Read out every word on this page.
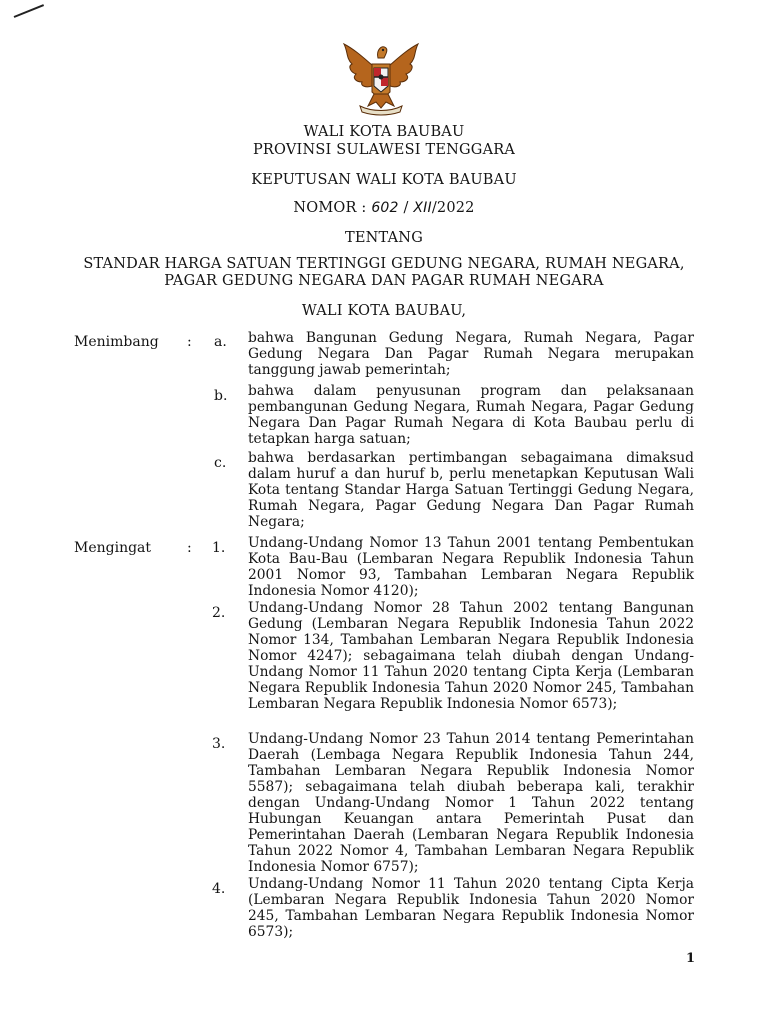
WALI KOTA BAUBAU
PROVINSI SULAWESI TENGGARA
KEPUTUSAN WALI KOTA BAUBAU
NOMOR : 602 / XII/2022
TENTANG
STANDAR HARGA SATUAN TERTINGGI GEDUNG NEGARA, RUMAH NEGARA,
PAGAR GEDUNG NEGARA DAN PAGAR RUMAH NEGARA
WALI KOTA BAUBAU,
Menimbang : a. bahwa Bangunan Gedung Negara, Rumah Negara, Pagar Gedung Negara Dan Pagar Rumah Negara merupakan tanggung jawab pemerintah;
b. bahwa dalam penyusunan program dan pelaksanaan pembangunan Gedung Negara, Rumah Negara, Pagar Gedung Negara Dan Pagar Rumah Negara di Kota Baubau perlu di tetapkan harga satuan;
c. bahwa berdasarkan pertimbangan sebagaimana dimaksud dalam huruf a dan huruf b, perlu menetapkan Keputusan Wali Kota tentang Standar Harga Satuan Tertinggi Gedung Negara, Rumah Negara, Pagar Gedung Negara Dan Pagar Rumah Negara;
Mengingat	: 1. Undang-Undang Nomor 13 Tahun 2001 tentang Pembentukan Kota Bau-Bau (Lembaran Negara Republik Indonesia Tahun 2001 Nomor 93, Tambahan Lembaran Negara Republik Indonesia Nomor 4120);
2. Undang-Undang Nomor 28 Tahun 2002 tentang Bangunan Gedung (Lembaran Negara Republik Indonesia Tahun 2022 Nomor 134, Tambahan Lembaran Negara Republik Indonesia Nomor 4247); sebagaimana telah diubah dengan Undang-Undang Nomor 11 Tahun 2020 tentang Cipta Kerja (Lembaran Negara Republik Indonesia Tahun 2020 Nomor 245, Tambahan Lembaran Negara Republik Indonesia Nomor 6573);
3. Undang-Undang Nomor 23 Tahun 2014 tentang Pemerintahan Daerah (Lembaga Negara Republik Indonesia Tahun 244, Tambahan Lembaran Negara Republik Indonesia Nomor 5587); sebagaimana telah diubah beberapa kali, terakhir dengan Undang-Undang Nomor 1 Tahun 2022 tentang Hubungan Keuangan antara Pemerintah Pusat dan Pemerintahan Daerah (Lembaran Negara Republik Indonesia Tahun 2022 Nomor 4, Tambahan Lembaran Negara Republik Indonesia Nomor 6757);
4. Undang-Undang Nomor 11 Tahun 2020 tentang Cipta Kerja (Lembaran Negara Republik Indonesia Tahun 2020 Nomor 245, Tambahan Lembaran Negara Republik Indonesia Nomor 6573);
1
